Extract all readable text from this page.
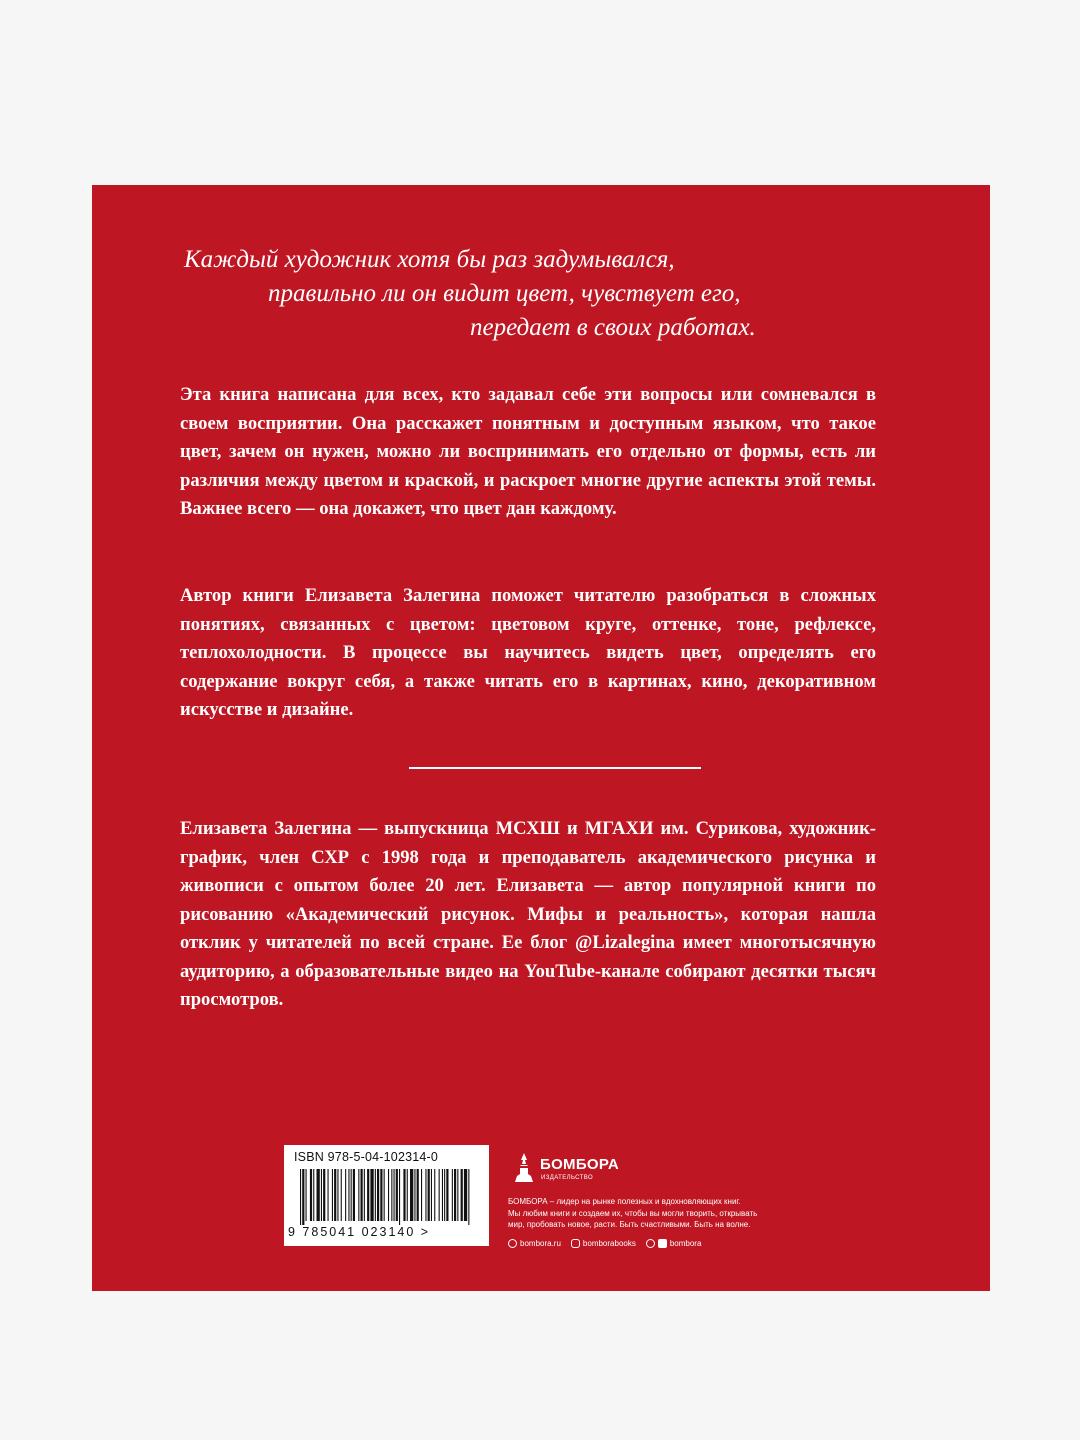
Каждый художник хотя бы раз задумывался,
правильно ли он видит цвет, чувствует его,
передает в своих работах.

Эта книга написана для всех, кто задавал себе эти вопросы или сомневался в своем восприятии. Она расскажет понятным и доступным языком, что такое цвет, зачем он нужен, можно ли воспринимать его отдельно от формы, есть ли различия между цветом и краской, и раскроет многие другие аспекты этой темы. Важнее всего — она докажет, что цвет дан каждому.

Автор книги Елизавета Залегина поможет читателю разобраться в сложных понятиях, связанных с цветом: цветовом круге, оттенке, тоне, рефлексе, теплохолодности. В процессе вы научитесь видеть цвет, определять его содержание вокруг себя, а также читать его в картинах, кино, декоративном искусстве и дизайне.

Елизавета Залегина — выпускница МСХШ и МГАХИ им. Сурикова, художник-график, член СХР с 1998 года и преподаватель академического рисунка и живописи с опытом более 20 лет. Елизавета — автор популярной книги по рисованию «Академический рисунок. Мифы и реальность», которая нашла отклик у читателей по всей стране. Ее блог @Lizalegina имеет многотысячную аудиторию, а образовательные видео на YouTube-канале собирают десятки тысяч просмотров.

ISBN 978-5-04-102314-0
9 785041 023140 >
БОМБОРА
ИЗДАТЕЛЬСТВО
БОМБОРА – лидер на рынке полезных и вдохновляющих книг.
Мы любим книги и создаем их, чтобы вы могли творить, открывать
мир, пробовать новое, расти. Быть счастливыми. Быть на волне.
bombora.ru	bomborabooks	bombora
